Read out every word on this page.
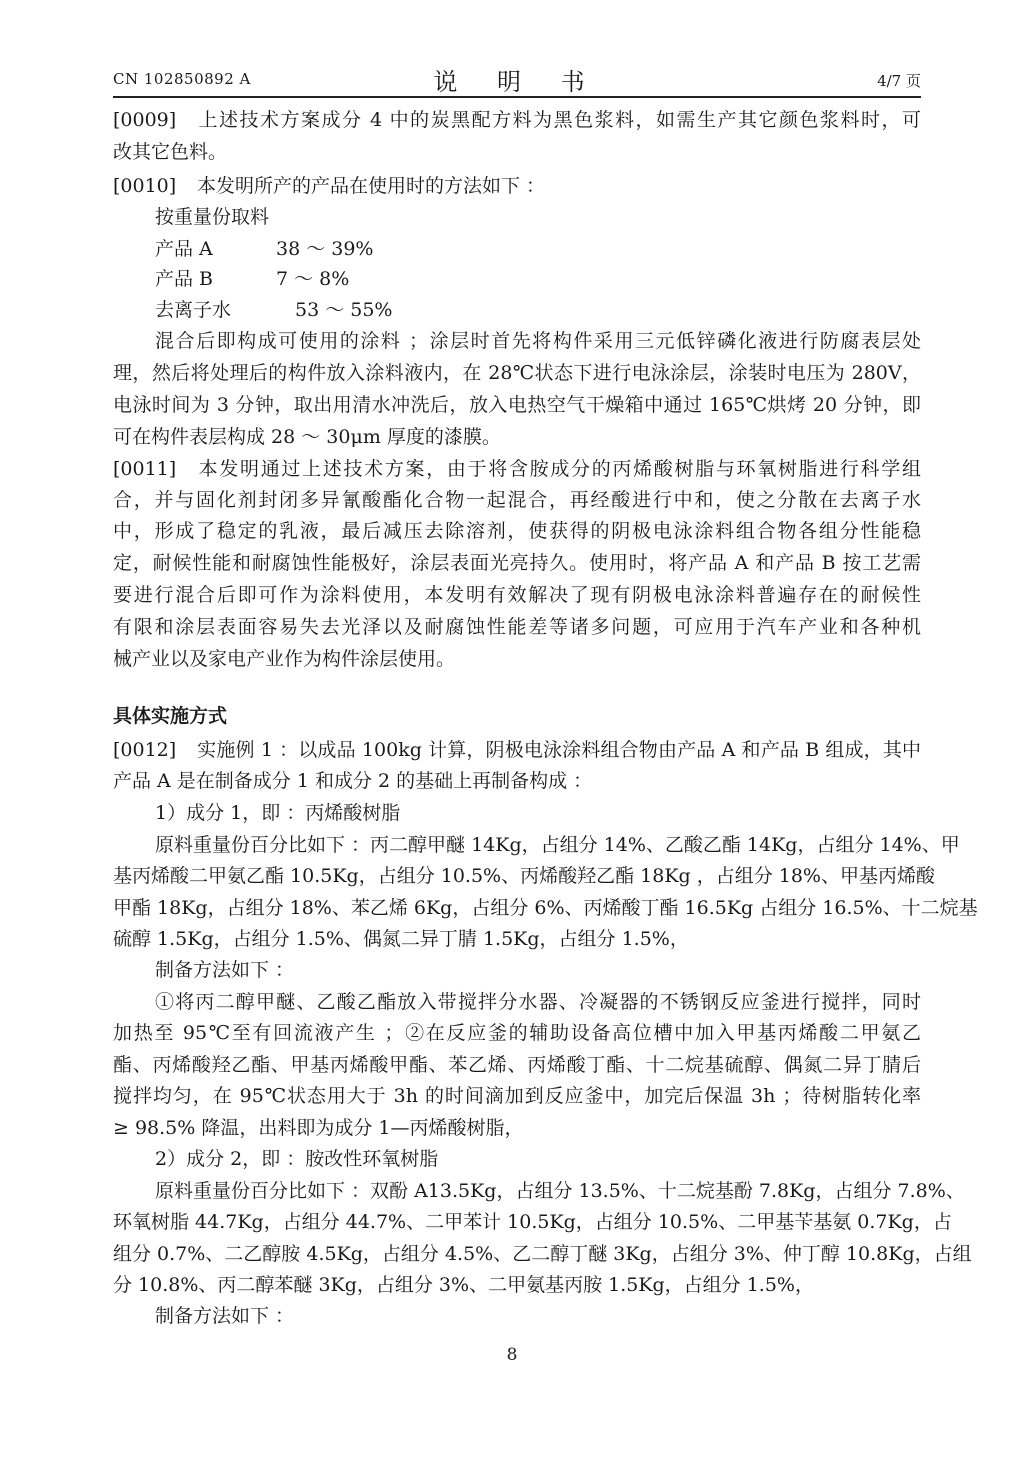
CN 102850892 A	说 明 书	4/7 页
[0009] 上述技术方案成分 4 中的炭黑配方料为黑色浆料，如需生产其它颜色浆料时，可
改其它色料。
[0010] 本发明所产的产品在使用时的方法如下 ：
按重量份取料
产品 A	38 ～ 39%
产品 B	7 ～ 8%
去离子水	53 ～ 55%
混合后即构成可使用的涂料 ；涂层时首先将构件采用三元低锌磷化液进行防腐表层处
理，然后将处理后的构件放入涂料液内，在 28℃状态下进行电泳涂层，涂装时电压为 280V，
电泳时间为 3 分钟，取出用清水冲洗后，放入电热空气干燥箱中通过 165℃烘烤 20 分钟，即
可在构件表层构成 28 ～ 30μm 厚度的漆膜。
[0011] 本发明通过上述技术方案，由于将含胺成分的丙烯酸树脂与环氧树脂进行科学组
合，并与固化剂封闭多异氰酸酯化合物一起混合，再经酸进行中和，使之分散在去离子水
中，形成了稳定的乳液，最后减压去除溶剂，使获得的阴极电泳涂料组合物各组分性能稳
定，耐候性能和耐腐蚀性能极好，涂层表面光亮持久。使用时，将产品 A 和产品 B 按工艺需
要进行混合后即可作为涂料使用，本发明有效解决了现有阴极电泳涂料普遍存在的耐候性
有限和涂层表面容易失去光泽以及耐腐蚀性能差等诸多问题，可应用于汽车产业和各种机
械产业以及家电产业作为构件涂层使用。
具体实施方式
[0012] 实施例 1 ：以成品 100kg 计算，阴极电泳涂料组合物由产品 A 和产品 B 组成，其中
产品 A 是在制备成分 1 和成分 2 的基础上再制备构成 ：
1）成分 1，即 ：丙烯酸树脂
原料重量份百分比如下 ：丙二醇甲醚 14Kg，占组分 14%、乙酸乙酯 14Kg，占组分 14%、甲
基丙烯酸二甲氨乙酯 10.5Kg，占组分 10.5%、丙烯酸羟乙酯 18Kg ，占组分 18%、甲基丙烯酸
甲酯 18Kg，占组分 18%、苯乙烯 6Kg，占组分 6%、丙烯酸丁酯 16.5Kg 占组分 16.5%、十二烷基
硫醇 1.5Kg，占组分 1.5%、偶氮二异丁腈 1.5Kg，占组分 1.5%，
制备方法如下 ：
①将丙二醇甲醚、乙酸乙酯放入带搅拌分水器、冷凝器的不锈钢反应釜进行搅拌，同时
加热至 95℃至有回流液产生 ；②在反应釜的辅助设备高位槽中加入甲基丙烯酸二甲氨乙
酯、丙烯酸羟乙酯、甲基丙烯酸甲酯、苯乙烯、丙烯酸丁酯、十二烷基硫醇、偶氮二异丁腈后
搅拌均匀，在 95℃状态用大于 3h 的时间滴加到反应釜中，加完后保温 3h ；待树脂转化率
≥ 98.5% 降温，出料即为成分 1—丙烯酸树脂，
2）成分 2，即 ：胺改性环氧树脂
原料重量份百分比如下 ：双酚 A13.5Kg，占组分 13.5%、十二烷基酚 7.8Kg，占组分 7.8%、
环氧树脂 44.7Kg，占组分 44.7%、二甲苯计 10.5Kg，占组分 10.5%、二甲基苄基氨 0.7Kg，占
组分 0.7%、二乙醇胺 4.5Kg，占组分 4.5%、乙二醇丁醚 3Kg，占组分 3%、仲丁醇 10.8Kg，占组
分 10.8%、丙二醇苯醚 3Kg，占组分 3%、二甲氨基丙胺 1.5Kg，占组分 1.5%，
制备方法如下 ：
8
